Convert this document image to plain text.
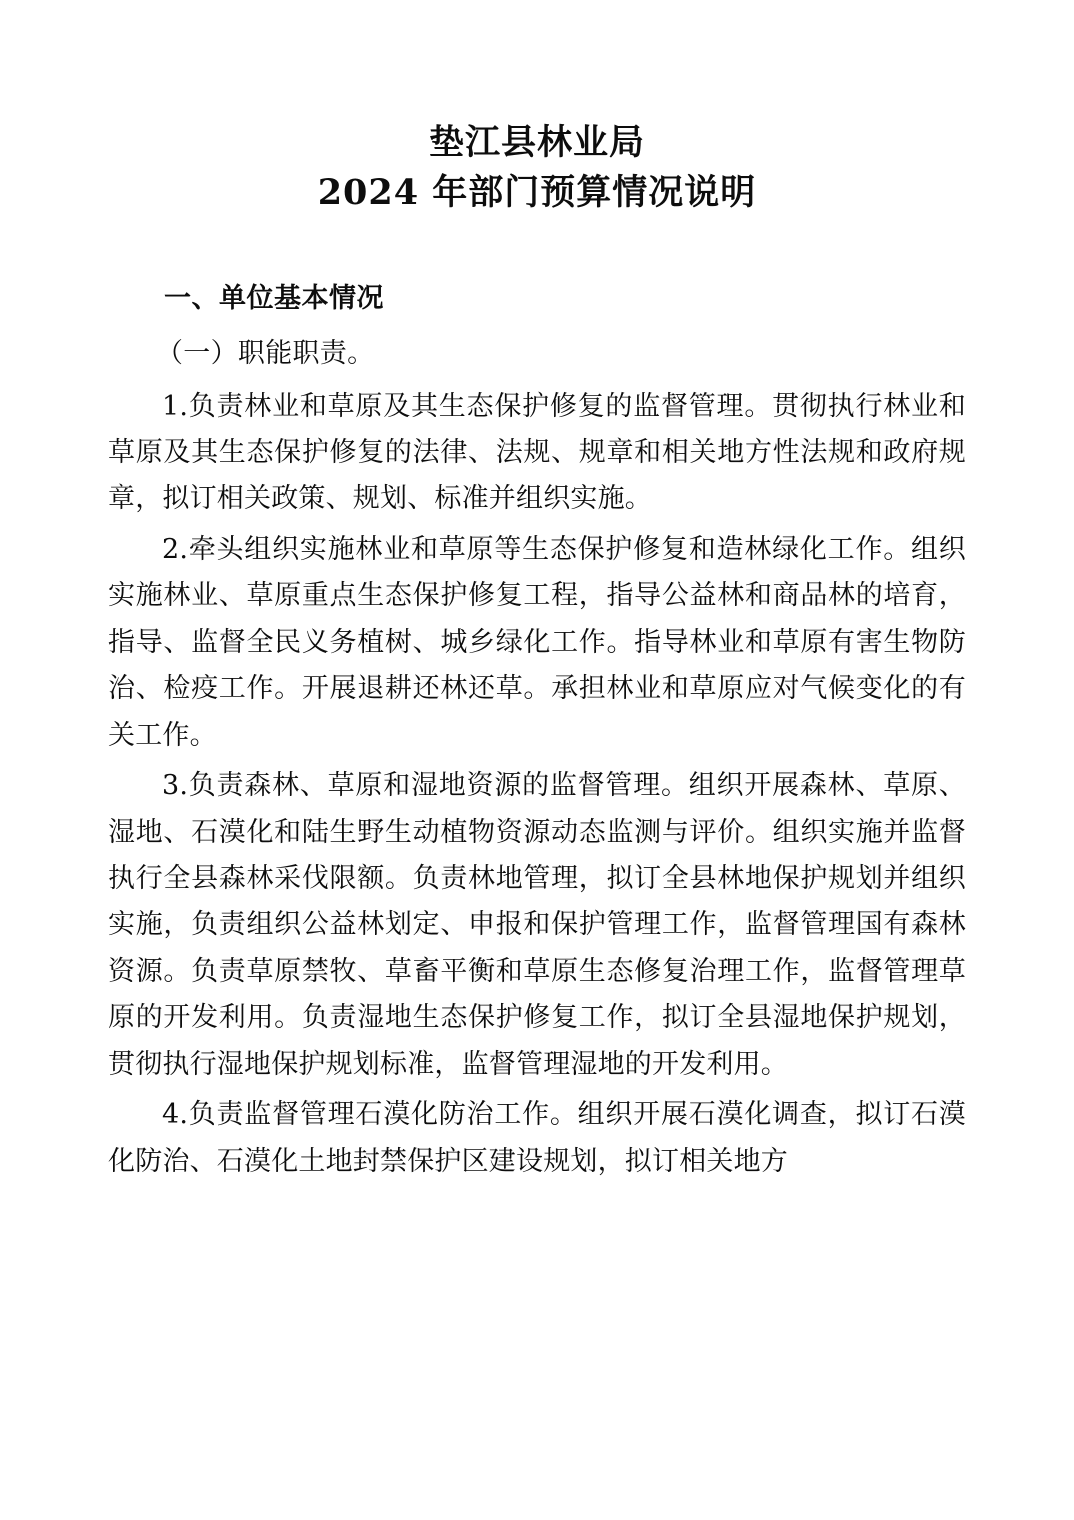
垫江县林业局
2024 年部门预算情况说明
一、单位基本情况
（一）职能职责。

1.负责林业和草原及其生态保护修复的监督管理。贯彻执行林业和草原及其生态保护修复的法律、法规、规章和相关地方性法规和政府规章，拟订相关政策、规划、标准并组织实施。

2.牵头组织实施林业和草原等生态保护修复和造林绿化工作。组织实施林业、草原重点生态保护修复工程，指导公益林和商品林的培育，指导、监督全民义务植树、城乡绿化工作。指导林业和草原有害生物防治、检疫工作。开展退耕还林还草。承担林业和草原应对气候变化的有关工作。

3.负责森林、草原和湿地资源的监督管理。组织开展森林、草原、湿地、石漠化和陆生野生动植物资源动态监测与评价。组织实施并监督执行全县森林采伐限额。负责林地管理，拟订全县林地保护规划并组织实施，负责组织公益林划定、申报和保护管理工作，监督管理国有森林资源。负责草原禁牧、草畜平衡和草原生态修复治理工作，监督管理草原的开发利用。负责湿地生态保护修复工作，拟订全县湿地保护规划，贯彻执行湿地保护规划标准，监督管理湿地的开发利用。

4.负责监督管理石漠化防治工作。组织开展石漠化调查，拟订石漠化防治、石漠化土地封禁保护区建设规划，拟订相关地方
